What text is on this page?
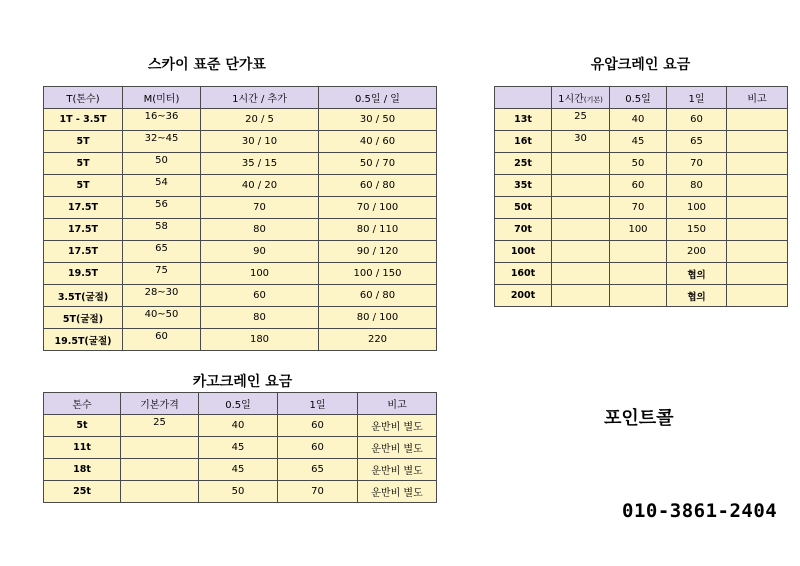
스카이 표준 단가표
T(톤수)	M(미터)	1시간 / 추가	0.5일 / 일
1T - 3.5T	16~36	20 / 5	30 / 50
5T	32~45	30 / 10	40 / 60
5T	50	35 / 15	50 / 70
5T	54	40 / 20	60 / 80
17.5T	56	70	70 / 100
17.5T	58	80	80 / 110
17.5T	65	90	90 / 120
19.5T	75	100	100 / 150
3.5T(굴절)	28~30	60	60 / 80
5T(굴절)	40~50	80	80 / 100
19.5T(굴절)	60	180	220
카고크레인 요금
톤수	기본가격	0.5일	1일	비고
5t	25	40	60	운반비 별도
11t		45	60	운반비 별도
18t		45	65	운반비 별도
25t		50	70	운반비 별도
유압크레인 요금
	1시간(기본)	0.5일	1일	비고
13t	25	40	60	
16t	30	45	65	
25t		50	70	
35t		60	80	
50t		70	100	
70t		100	150	
100t			200	
160t			협의	
200t			협의	
포인트콜
010-3861-2404
